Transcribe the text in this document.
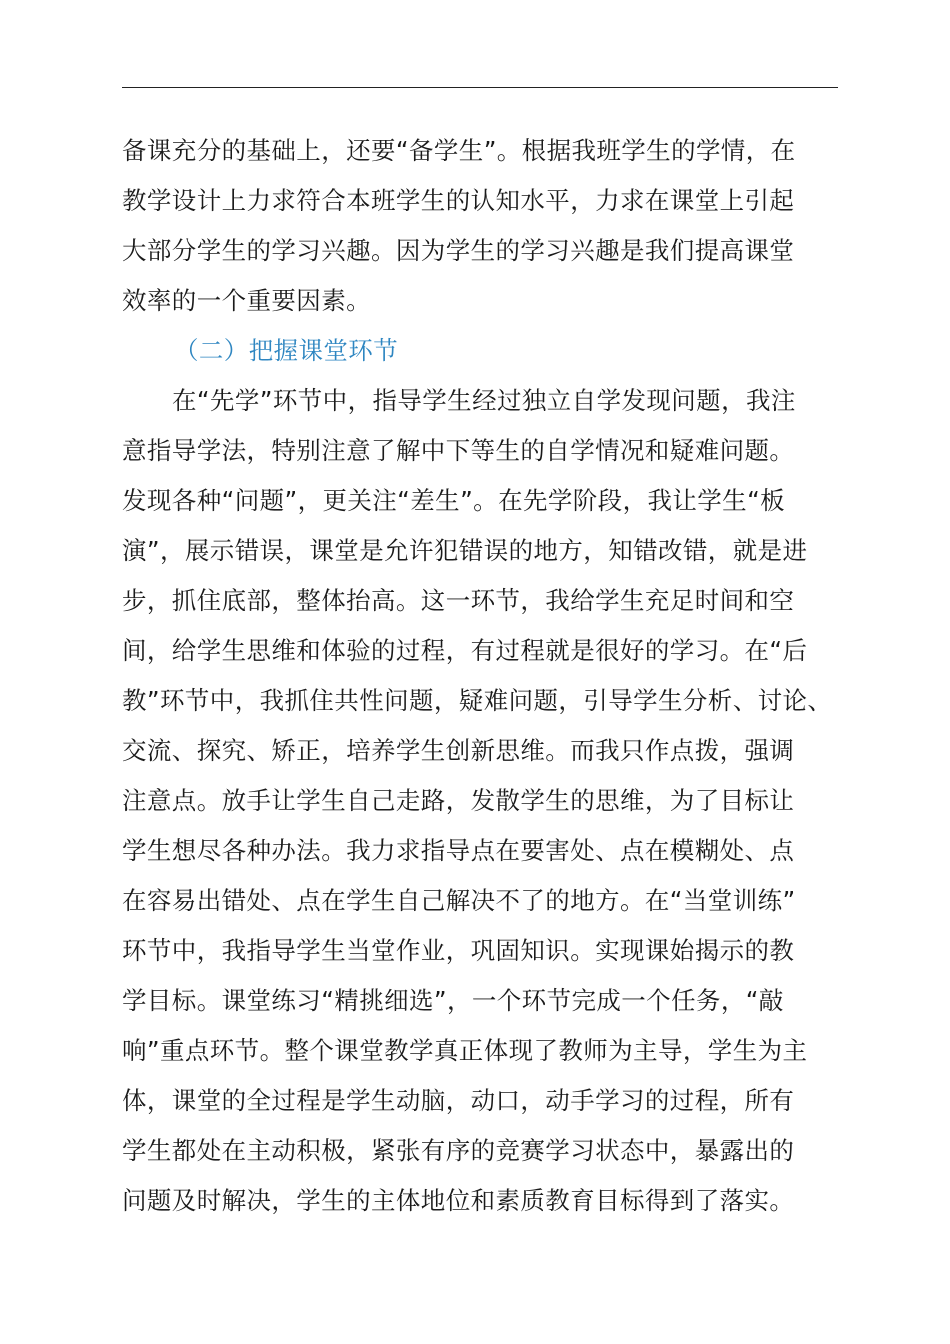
备课充分的基础上，还要“备学生”。根据我班学生的学情，在
教学设计上力求符合本班学生的认知水平，力求在课堂上引起
大部分学生的学习兴趣。因为学生的学习兴趣是我们提高课堂
效率的一个重要因素。
（二）把握课堂环节
在“先学”环节中，指导学生经过独立自学发现问题，我注
意指导学法，特别注意了解中下等生的自学情况和疑难问题。
发现各种“问题”，更关注“差生”。在先学阶段，我让学生“板
演”，展示错误，课堂是允许犯错误的地方，知错改错，就是进
步，抓住底部，整体抬高。这一环节，我给学生充足时间和空
间，给学生思维和体验的过程，有过程就是很好的学习。在“后
教”环节中，我抓住共性问题，疑难问题，引导学生分析、讨论、
交流、探究、矫正，培养学生创新思维。而我只作点拨，强调
注意点。放手让学生自己走路，发散学生的思维，为了目标让
学生想尽各种办法。我力求指导点在要害处、点在模糊处、点
在容易出错处、点在学生自己解决不了的地方。在“当堂训练”
环节中，我指导学生当堂作业，巩固知识。实现课始揭示的教
学目标。课堂练习“精挑细选”，一个环节完成一个任务，“敲
响”重点环节。整个课堂教学真正体现了教师为主导，学生为主
体，课堂的全过程是学生动脑，动口，动手学习的过程，所有
学生都处在主动积极，紧张有序的竞赛学习状态中，暴露出的
问题及时解决，学生的主体地位和素质教育目标得到了落实。
